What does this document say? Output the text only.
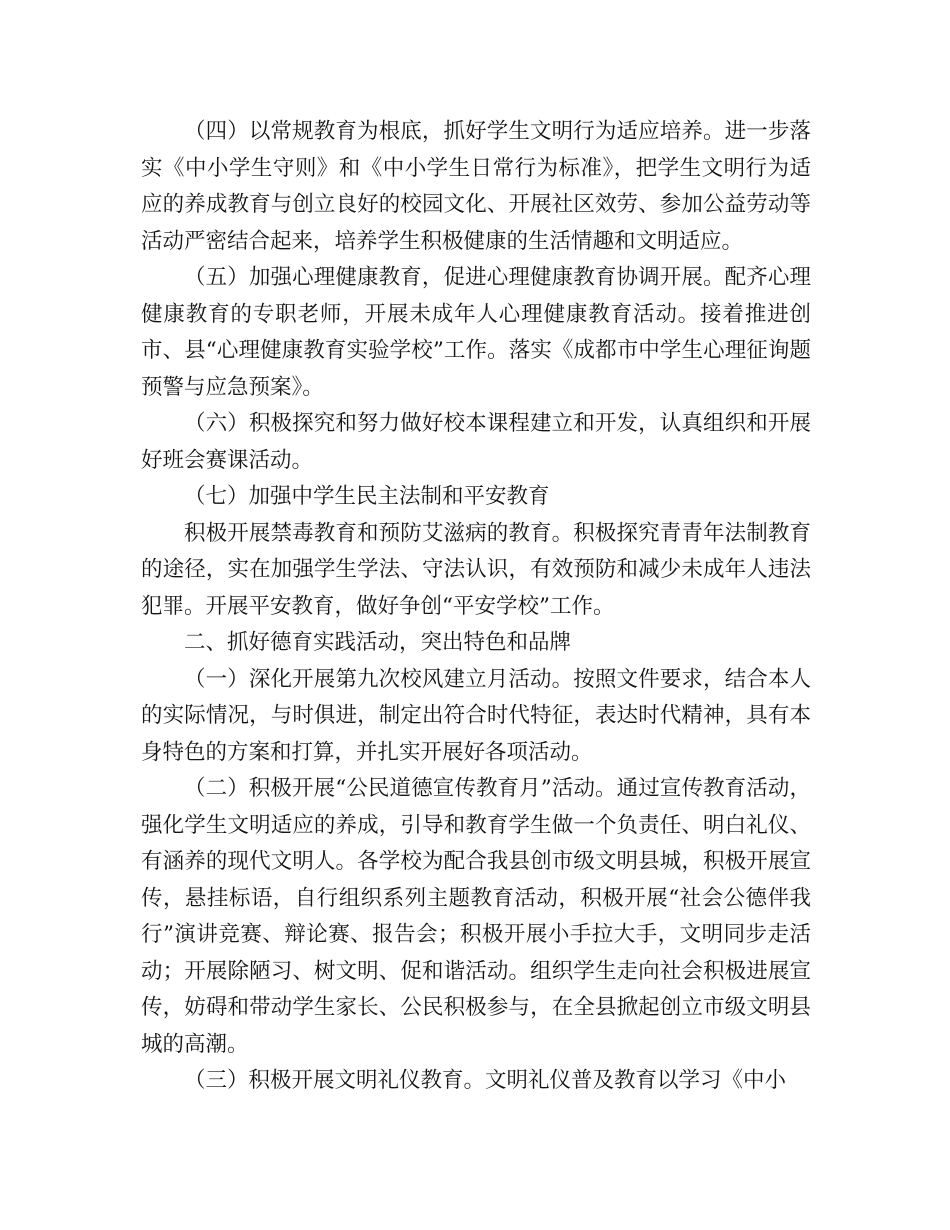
（四）以常规教育为根底，抓好学生文明行为适应培养。进一步落实《中小学生守则》和《中小学生日常行为标准》，把学生文明行为适应的养成教育与创立良好的校园文化、开展社区效劳、参加公益劳动等活动严密结合起来，培养学生积极健康的生活情趣和文明适应。

（五）加强心理健康教育，促进心理健康教育协调开展。配齐心理健康教育的专职老师，开展未成年人心理健康教育活动。接着推进创市、县“心理健康教育实验学校”工作。落实《成都市中学生心理征询题预警与应急预案》。

（六）积极探究和努力做好校本课程建立和开发，认真组织和开展好班会赛课活动。

（七）加强中学生民主法制和平安教育

积极开展禁毒教育和预防艾滋病的教育。积极探究青青年法制教育的途径，实在加强学生学法、守法认识，有效预防和减少未成年人违法犯罪。开展平安教育，做好争创“平安学校”工作。

二、抓好德育实践活动，突出特色和品牌

（一）深化开展第九次校风建立月活动。按照文件要求，结合本人的实际情况，与时俱进，制定出符合时代特征，表达时代精神，具有本身特色的方案和打算，并扎实开展好各项活动。

（二）积极开展“公民道德宣传教育月”活动。通过宣传教育活动，强化学生文明适应的养成，引导和教育学生做一个负责任、明白礼仪、有涵养的现代文明人。各学校为配合我县创市级文明县城，积极开展宣传，悬挂标语，自行组织系列主题教育活动，积极开展“社会公德伴我行”演讲竞赛、辩论赛、报告会；积极开展小手拉大手，文明同步走活动；开展除陋习、树文明、促和谐活动。组织学生走向社会积极进展宣传，妨碍和带动学生家长、公民积极参与，在全县掀起创立市级文明县城的高潮。

（三）积极开展文明礼仪教育。文明礼仪普及教育以学习《中小
